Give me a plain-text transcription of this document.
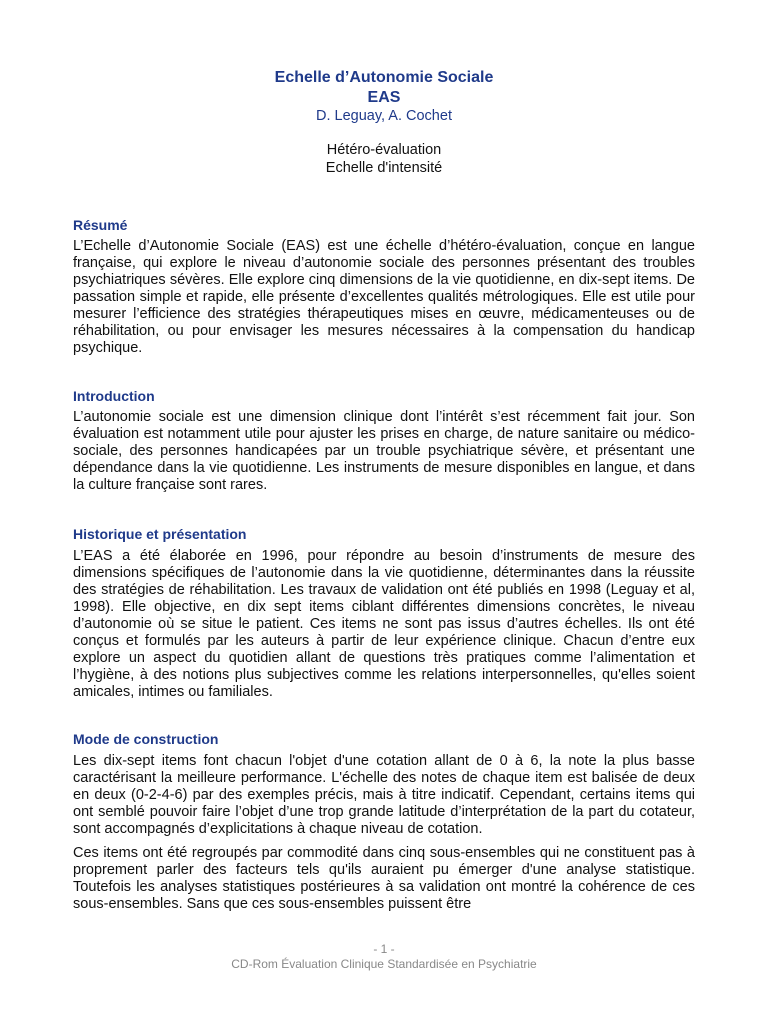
Echelle d’Autonomie Sociale
EAS
D. Leguay, A. Cochet
Hétéro-évaluation
Echelle d'intensité
Résumé

L’Echelle d’Autonomie Sociale (EAS) est une échelle d’hétéro-évaluation, conçue en langue française, qui explore le niveau d’autonomie sociale des personnes présentant des troubles psychiatriques sévères. Elle explore cinq dimensions de la vie quotidienne, en dix-sept items. De passation simple et rapide, elle présente d’excellentes qualités métrologiques. Elle est utile pour mesurer l’efficience des stratégies thérapeutiques mises en œuvre, médicamenteuses ou de réhabilitation, ou pour envisager les mesures nécessaires à la compensation du handicap psychique.

Introduction

L’autonomie sociale est une dimension clinique dont l’intérêt s’est récemment fait jour. Son évaluation est notamment utile pour ajuster les prises en charge, de nature sanitaire ou médico-sociale, des personnes handicapées par un trouble psychiatrique sévère, et présentant une dépendance dans la vie quotidienne. Les instruments de mesure disponibles en langue, et dans la culture française sont rares.

Historique et présentation

L’EAS a été élaborée en 1996, pour répondre au besoin d’instruments de mesure des dimensions spécifiques de l’autonomie dans la vie quotidienne, déterminantes dans la réussite des stratégies de réhabilitation. Les travaux de validation ont été publiés en 1998 (Leguay et al, 1998). Elle objective, en dix sept items ciblant différentes dimensions concrètes, le niveau d’autonomie où se situe le patient. Ces items ne sont pas issus d’autres échelles. Ils ont été conçus et formulés par les auteurs à partir de leur expérience clinique. Chacun d’entre eux explore un aspect du quotidien allant de questions très pratiques comme l’alimentation et l’hygiène, à des notions plus subjectives comme les relations interpersonnelles, qu'elles soient amicales, intimes ou familiales.

Mode de construction

Les dix-sept items font chacun l'objet d'une cotation allant de 0 à 6, la note la plus basse caractérisant la meilleure performance. L'échelle des notes de chaque item est balisée de deux en deux (0-2-4-6) par des exemples précis, mais à titre indicatif. Cependant, certains items qui ont semblé pouvoir faire l’objet d’une trop grande latitude d’interprétation de la part du cotateur, sont accompagnés d’explicitations à chaque niveau de cotation.

Ces items ont été regroupés par commodité dans cinq sous-ensembles qui ne constituent pas à proprement parler des facteurs tels qu'ils auraient pu émerger d'une analyse statistique. Toutefois les analyses statistiques postérieures à sa validation ont montré la cohérence de ces sous-ensembles. Sans que ces sous-ensembles puissent être

- 1 -
CD-Rom Évaluation Clinique Standardisée en Psychiatrie
